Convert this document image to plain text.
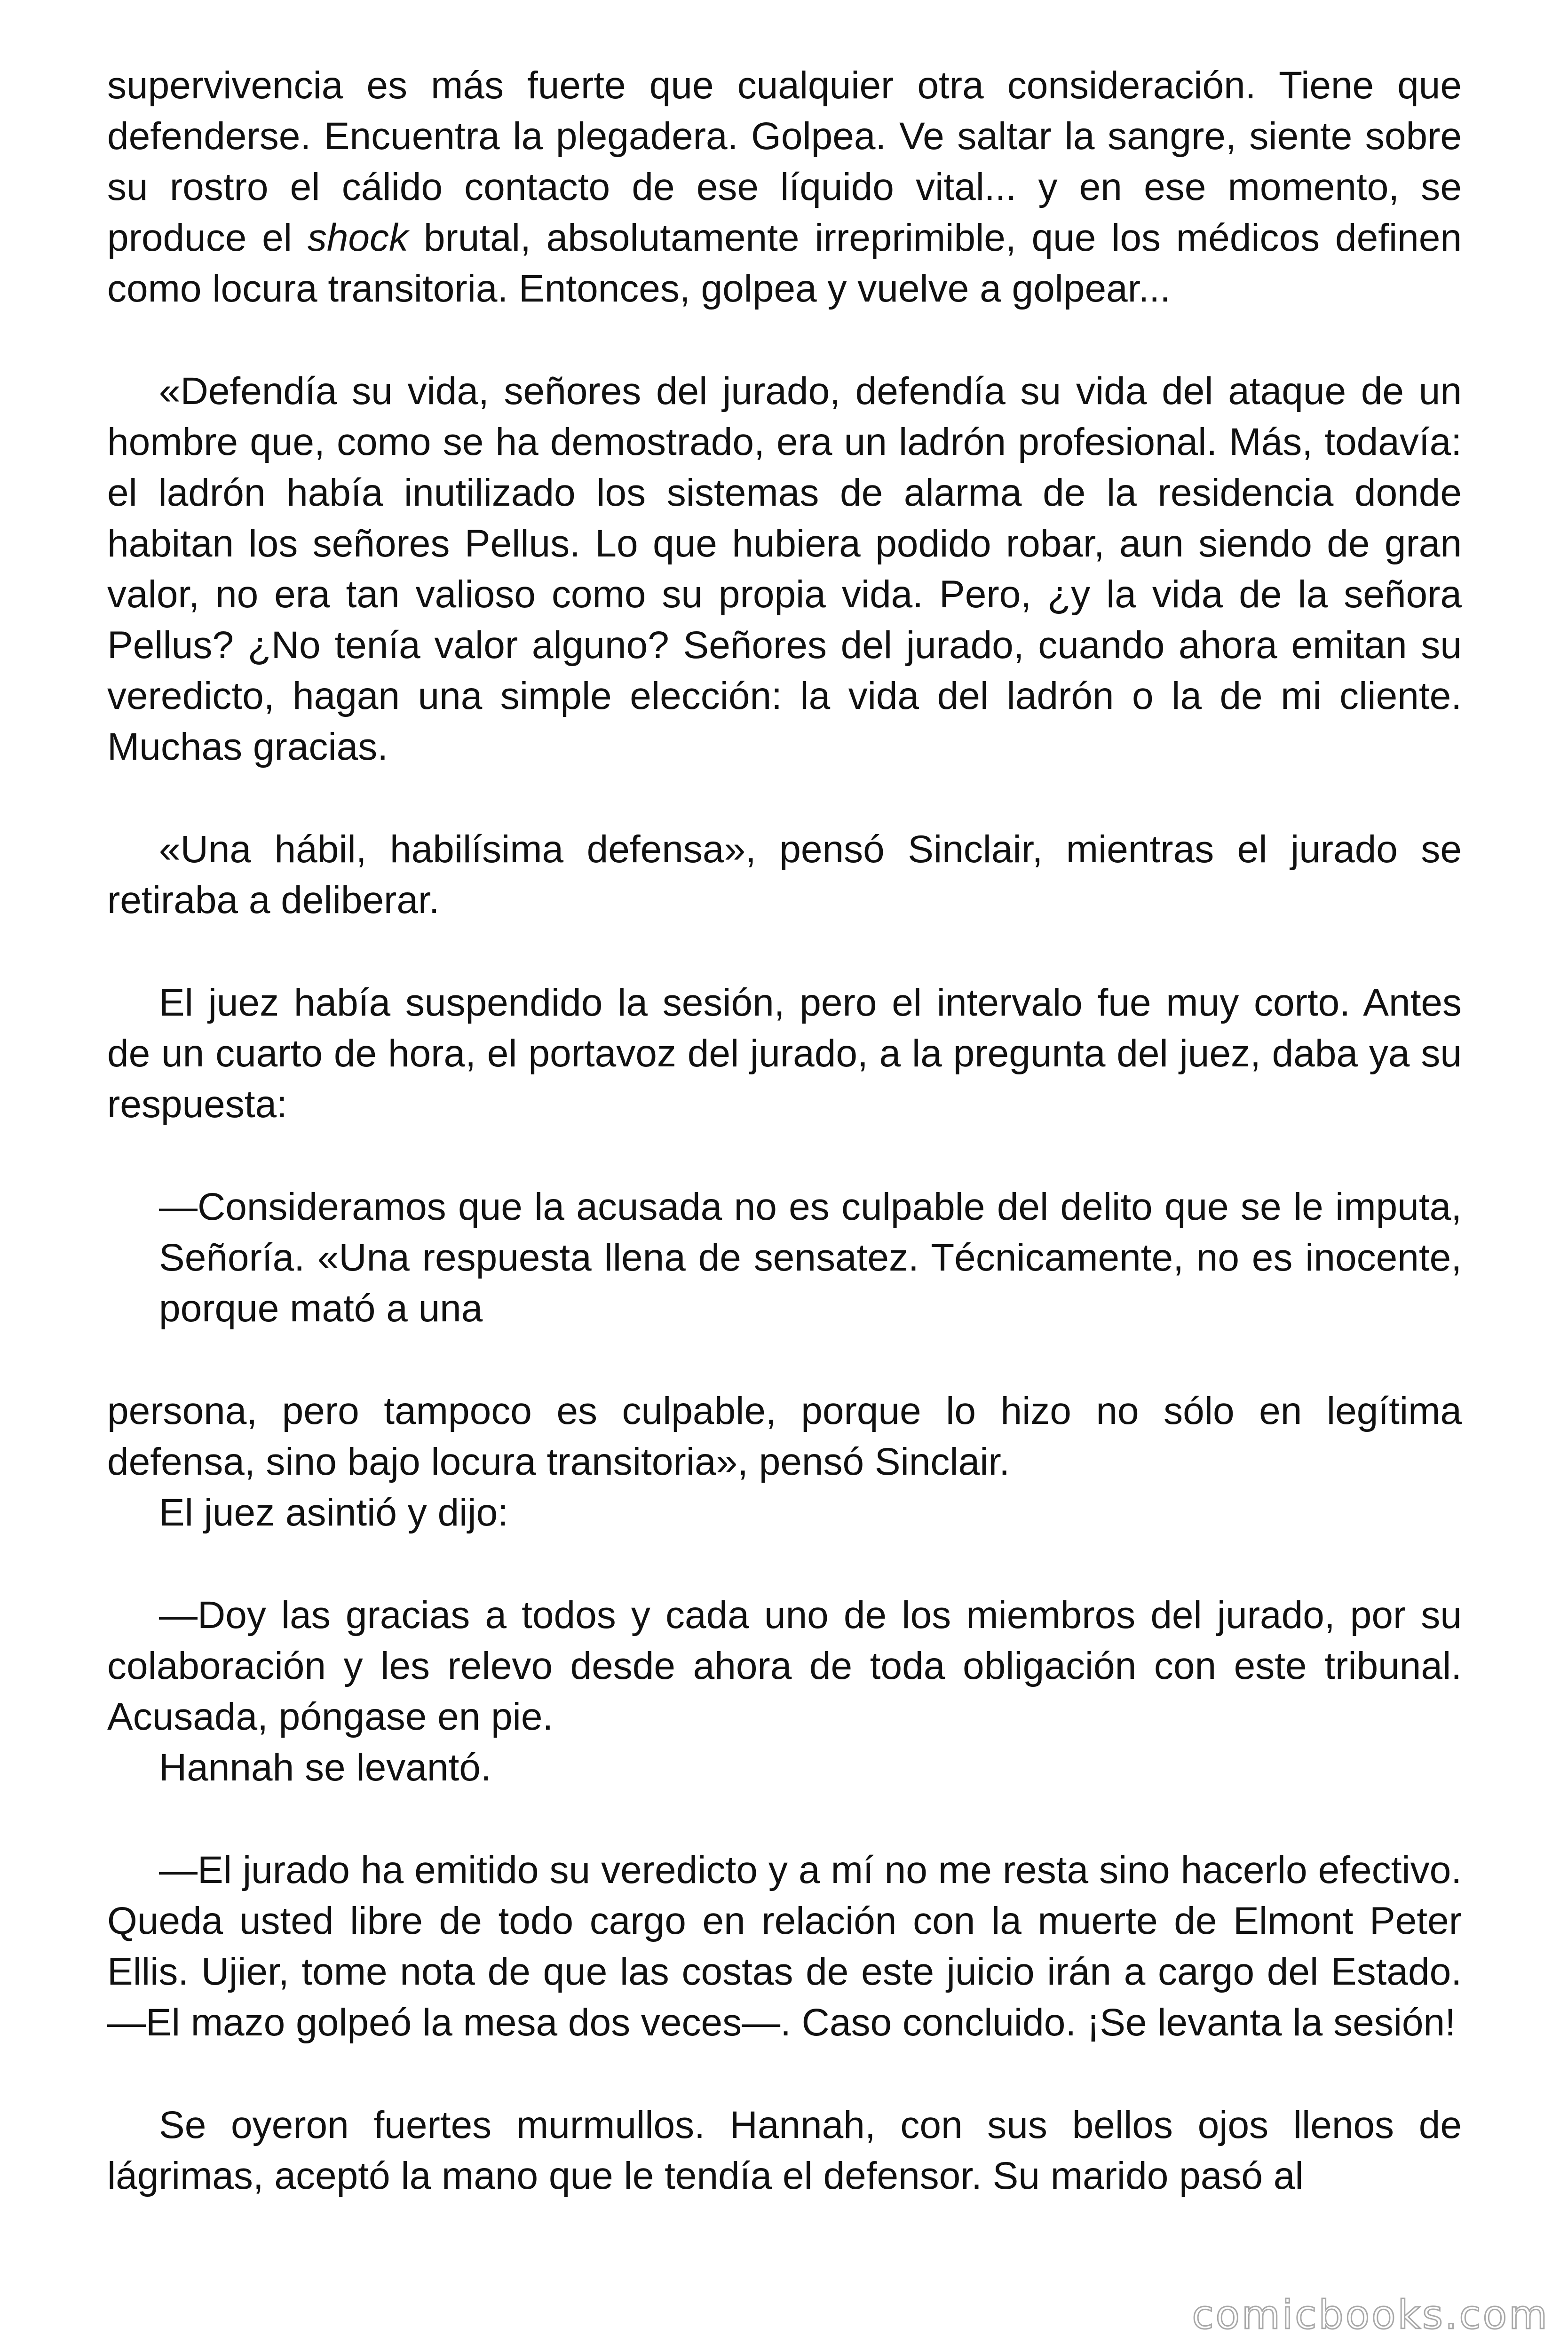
supervivencia es más fuerte que cualquier otra consideración. Tiene que defenderse. Encuentra la plegadera. Golpea. Ve saltar la sangre, siente sobre su rostro el cálido contacto de ese líquido vital... y en ese momento, se produce el shock brutal, absolutamente irreprimible, que los médicos definen como locura transitoria. Entonces, golpea y vuelve a golpear...

«Defendía su vida, señores del jurado, defendía su vida del ataque de un hombre que, como se ha demostrado, era un ladrón profesional. Más, todavía: el ladrón había inutilizado los sistemas de alarma de la residencia donde habitan los señores Pellus. Lo que hubiera podido robar, aun siendo de gran valor, no era tan valioso como su propia vida. Pero, ¿y la vida de la señora Pellus? ¿No tenía valor alguno? Señores del jurado, cuando ahora emitan su veredicto, hagan una simple elección: la vida del ladrón o la de mi cliente. Muchas gracias.

«Una hábil, habilísima defensa», pensó Sinclair, mientras el jurado se retiraba a deliberar.

El juez había suspendido la sesión, pero el intervalo fue muy corto. Antes de un cuarto de hora, el portavoz del jurado, a la pregunta del juez, daba ya su respuesta:

—Consideramos que la acusada no es culpable del delito que se le imputa, Señoría. «Una respuesta llena de sensatez. Técnicamente, no es inocente, porque mató a una

persona, pero tampoco es culpable, porque lo hizo no sólo en legítima defensa, sino bajo locura transitoria», pensó Sinclair.

El juez asintió y dijo:

—Doy las gracias a todos y cada uno de los miembros del jurado, por su colaboración y les relevo desde ahora de toda obligación con este tribunal. Acusada, póngase en pie.

Hannah se levantó.

—El jurado ha emitido su veredicto y a mí no me resta sino hacerlo efectivo. Queda usted libre de todo cargo en relación con la muerte de Elmont Peter Ellis. Ujier, tome nota de que las costas de este juicio irán a cargo del Estado. —El mazo golpeó la mesa dos veces—. Caso concluido. ¡Se levanta la sesión!

Se oyeron fuertes murmullos. Hannah, con sus bellos ojos llenos de lágrimas, aceptó la mano que le tendía el defensor. Su marido pasó al

comicbooks.com
